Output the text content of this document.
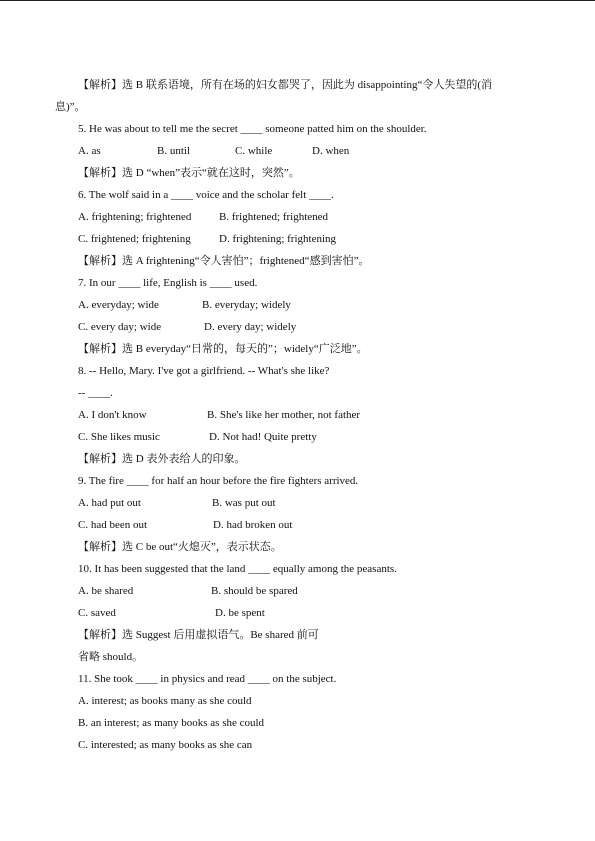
【解析】选 B 联系语境，所有在场的妇女都哭了，因此为 disappointing“令人失望的(消
息)”。
5. He was about to tell me the secret ____ someone patted him on the shoulder.
A. as	B. until	C. while	D. when
【解析】选 D “when”表示“就在这时，突然”。
6. The wolf said in a ____ voice and the scholar felt ____.
A. frightening; frightened	B. frightened; frightened
C. frightened; frightening	D. frightening; frightening
【解析】选 A frightening“令人害怕”；frightened“感到害怕”。
7. In our ____ life, English is ____ used.
A. everyday; wide	B. everyday; widely
C. every day; wide	D. every day; widely
【解析】选 B everyday“日常的，每天的”；widely“广泛地”。
8. -- Hello, Mary. I've got a girlfriend. -- What's she like?
-- ____.
A. I don't know	B. She's like her mother, not father
C. She likes music	D. Not had! Quite pretty
【解析】选 D 表外表给人的印象。
9. The fire ____ for half an hour before the fire fighters arrived.
A. had put out	B. was put out
C. had been out	D. had broken out
【解析】选 C be out“火熄灭”，表示状态。
10. It has been suggested that the land ____ equally among the peasants.
A. be shared	B. should be spared
C. saved	D. be spent
【解析】选 Suggest 后用虚拟语气。Be shared 前可
省略 should。
11. She took ____ in physics and read ____ on the subject.
A. interest; as books many as she could
B. an interest; as many books as she could
C. interested; as many books as she can
